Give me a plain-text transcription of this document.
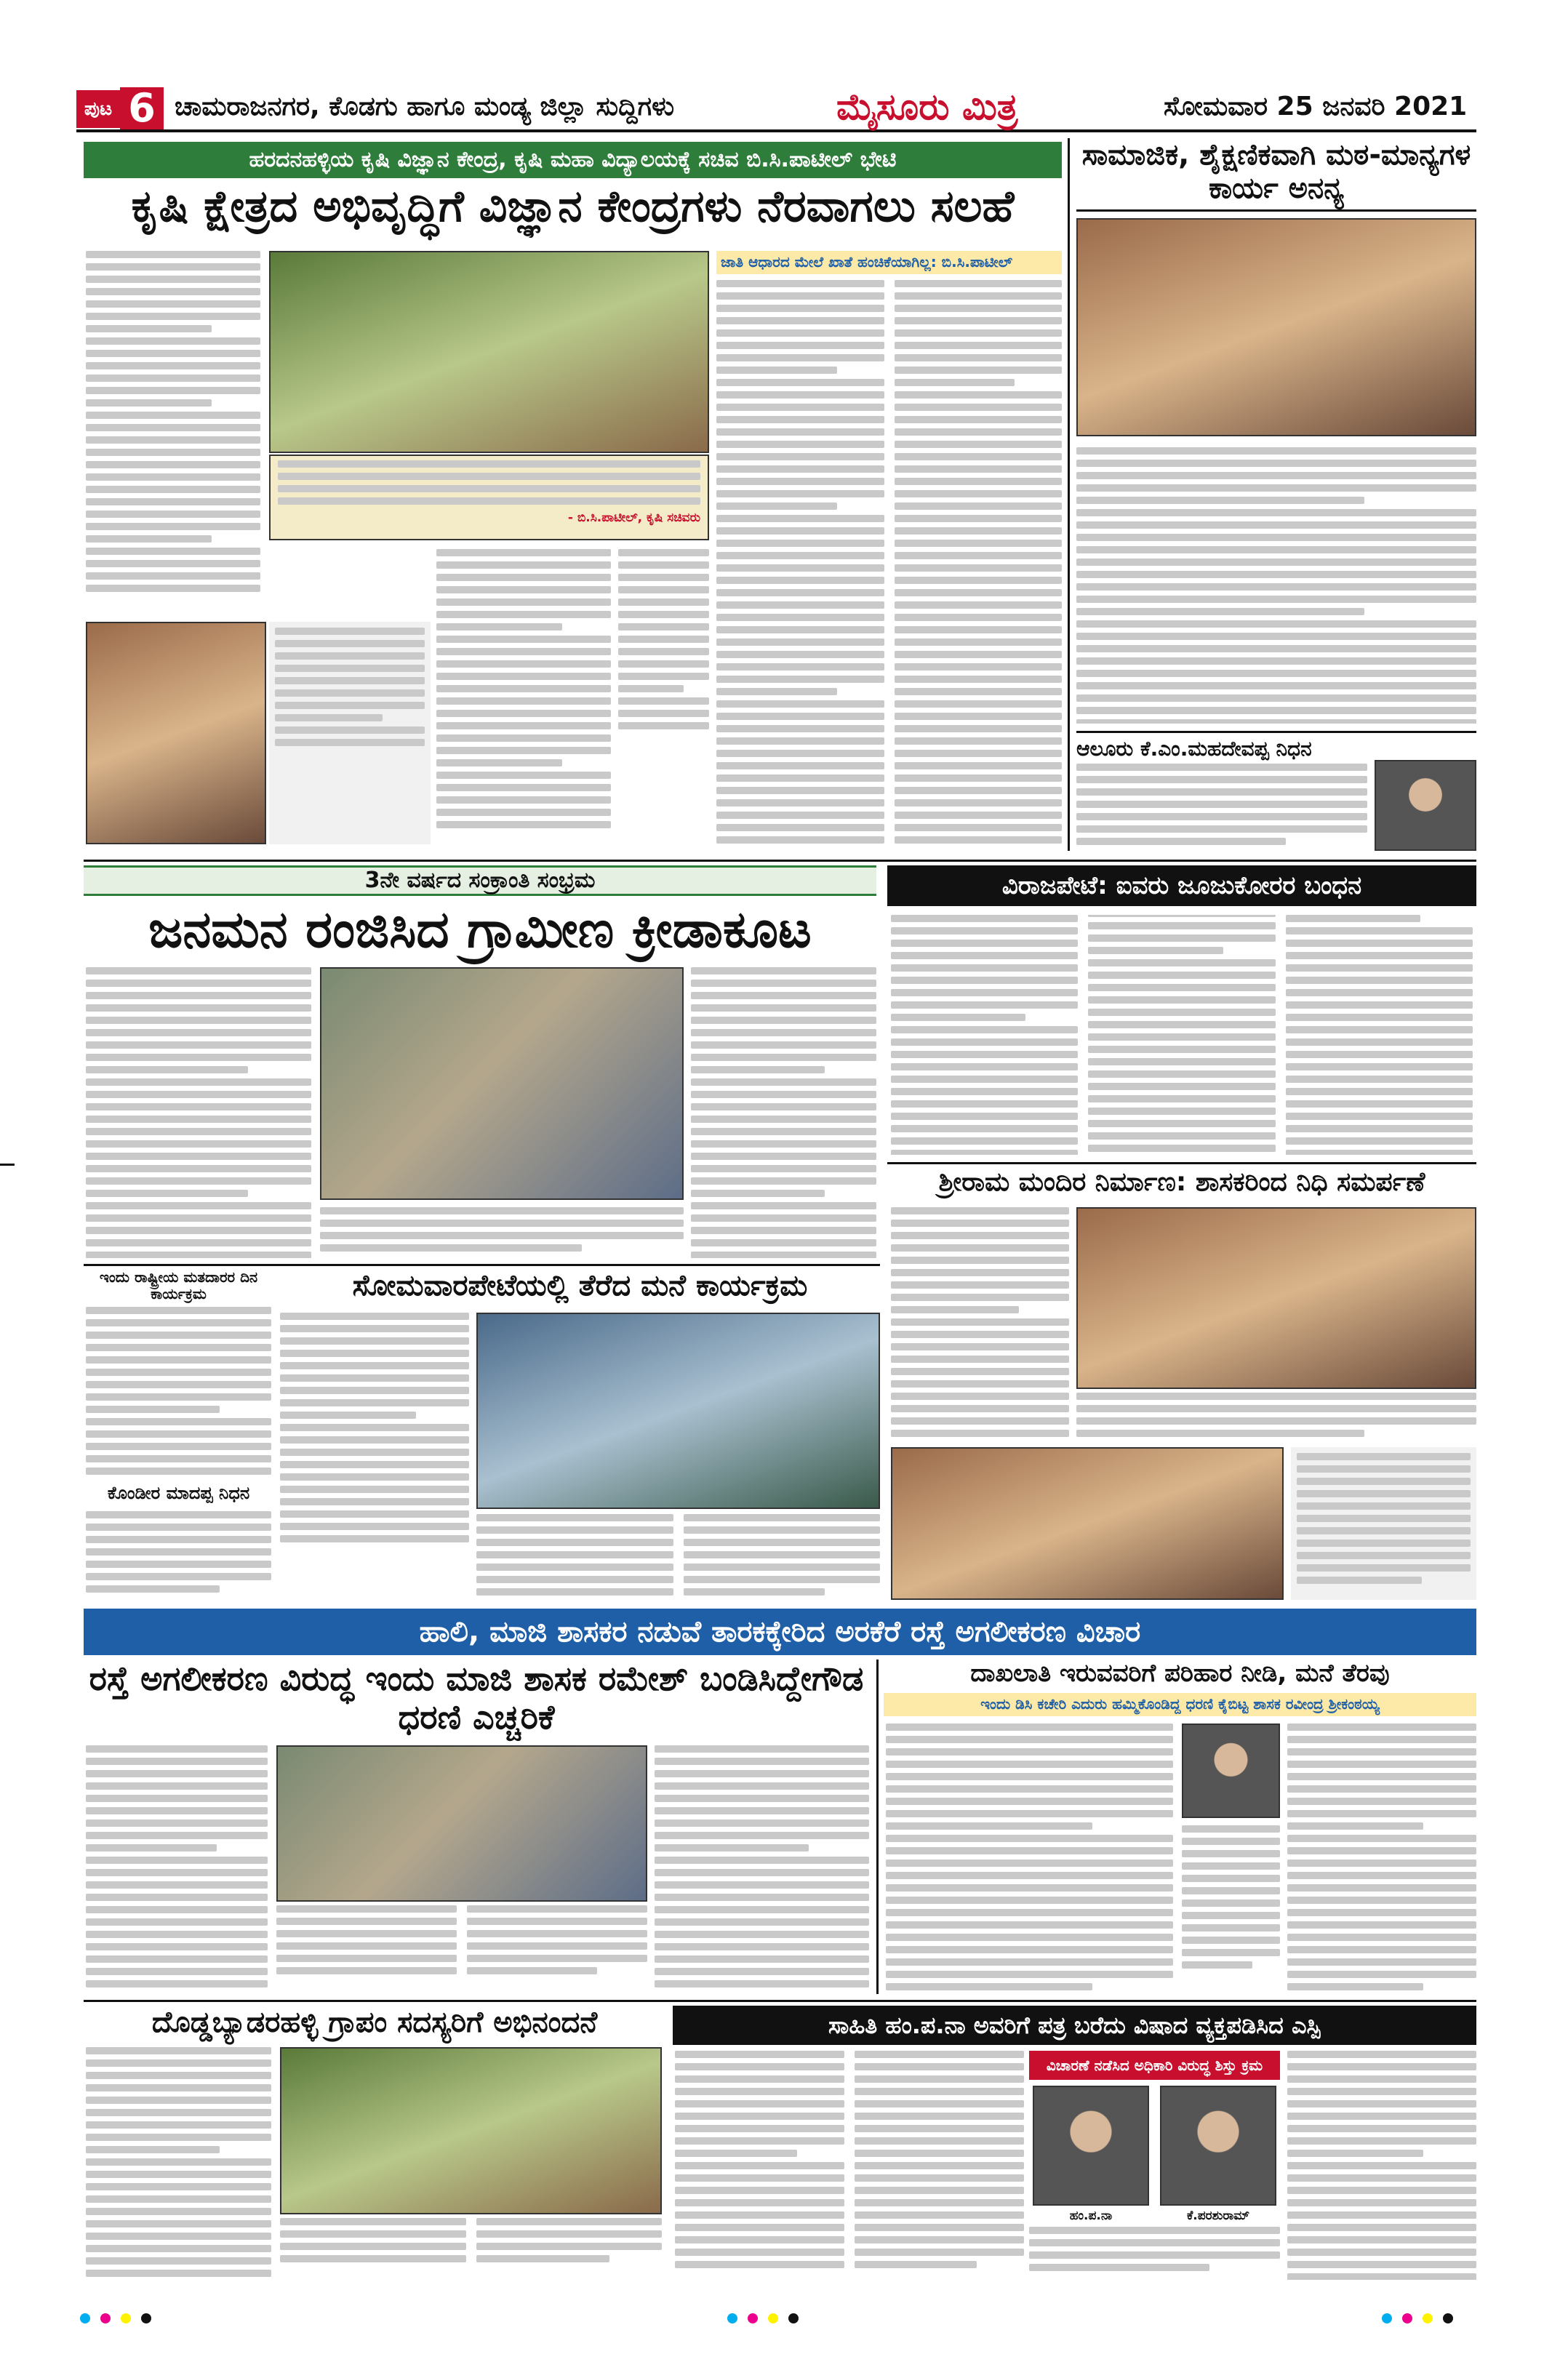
ಪುಟ 6 ಚಾಮರಾಜನಗರ, ಕೊಡಗು ಹಾಗೂ ಮಂಡ್ಯ ಜಿಲ್ಲಾ ಸುದ್ದಿಗಳು	ಮೈಸೂರು ಮಿತ್ರ	ಸೋಮವಾರ 25 ಜನವರಿ 2021
ಹರದನಹಳ್ಳಿಯ ಕೃಷಿ ವಿಜ್ಞಾನ ಕೇಂದ್ರ, ಕೃಷಿ ಮಹಾ ವಿದ್ಯಾಲಯಕ್ಕೆ ಸಚಿವ ಬಿ.ಸಿ.ಪಾಟೀಲ್ ಭೇಟಿ
ಕೃಷಿ ಕ್ಷೇತ್ರದ ಅಭಿವೃದ್ಧಿಗೆ ವಿಜ್ಞಾನ ಕೇಂದ್ರಗಳು ನೆರವಾಗಲು ಸಲಹೆ
- ಬಿ.ಸಿ.ಪಾಟೀಲ್, ಕೃಷಿ ಸಚಿವರು
ಜಾತಿ ಆಧಾರದ ಮೇಲೆ ಖಾತೆ ಹಂಚಿಕೆಯಾಗಿಲ್ಲ: ಬಿ.ಸಿ.ಪಾಟೀಲ್
ಸಾಮಾಜಿಕ, ಶೈಕ್ಷಣಿಕವಾಗಿ ಮಠ-ಮಾನ್ಯಗಳ ಕಾರ್ಯ ಅನನ್ಯ
ಆಲೂರು ಕೆ.ಎಂ.ಮಹದೇವಪ್ಪ ನಿಧನ
3ನೇ ವರ್ಷದ ಸಂಕ್ರಾಂತಿ ಸಂಭ್ರಮ
ಜನಮನ ರಂಜಿಸಿದ ಗ್ರಾಮೀಣ ಕ್ರೀಡಾಕೂಟ
ವಿರಾಜಪೇಟೆ: ಐವರು ಜೂಜುಕೋರರ ಬಂಧನ
ಶ್ರೀರಾಮ ಮಂದಿರ ನಿರ್ಮಾಣ: ಶಾಸಕರಿಂದ ನಿಧಿ ಸಮರ್ಪಣೆ
ಇಂದು ರಾಷ್ಟ್ರೀಯ ಮತದಾರರ ದಿನ ಕಾರ್ಯಕ್ರಮ
ಕೊಂಡೀರ ಮಾದಪ್ಪ ನಿಧನ
ಸೋಮವಾರಪೇಟೆಯಲ್ಲಿ ತೆರೆದ ಮನೆ ಕಾರ್ಯಕ್ರಮ
ಹಾಲಿ, ಮಾಜಿ ಶಾಸಕರ ನಡುವೆ ತಾರಕಕ್ಕೇರಿದ ಅರಕೆರೆ ರಸ್ತೆ ಅಗಲೀಕರಣ ವಿಚಾರ
ರಸ್ತೆ ಅಗಲೀಕರಣ ವಿರುದ್ಧ ಇಂದು ಮಾಜಿ ಶಾಸಕ ರಮೇಶ್ ಬಂಡಿಸಿದ್ದೇಗೌಡ ಧರಣಿ ಎಚ್ಚರಿಕೆ
ದಾಖಲಾತಿ ಇರುವವರಿಗೆ ಪರಿಹಾರ ನೀಡಿ, ಮನೆ ತೆರವು
ಇಂದು ಡಿಸಿ ಕಚೇರಿ ಎದುರು ಹಮ್ಮಿಕೊಂಡಿದ್ದ ಧರಣಿ ಕೈಬಿಟ್ಟ ಶಾಸಕ ರವೀಂದ್ರ ಶ್ರೀಕಂಠಯ್ಯ
ದೊಡ್ಡಬ್ಯಾಡರಹಳ್ಳಿ ಗ್ರಾಪಂ ಸದಸ್ಯರಿಗೆ ಅಭಿನಂದನೆ	ಸಾಹಿತಿ ಹಂ.ಪ.ನಾ ಅವರಿಗೆ ಪತ್ರ ಬರೆದು ವಿಷಾದ ವ್ಯಕ್ತಪಡಿಸಿದ ಎಸ್ಪಿ
ವಿಚಾರಣೆ ನಡೆಸಿದ ಅಧಿಕಾರಿ ವಿರುದ್ಧ ಶಿಸ್ತು ಕ್ರಮ
ಹಂ.ಪ.ನಾ	ಕೆ.ಪರಶುರಾಮ್
